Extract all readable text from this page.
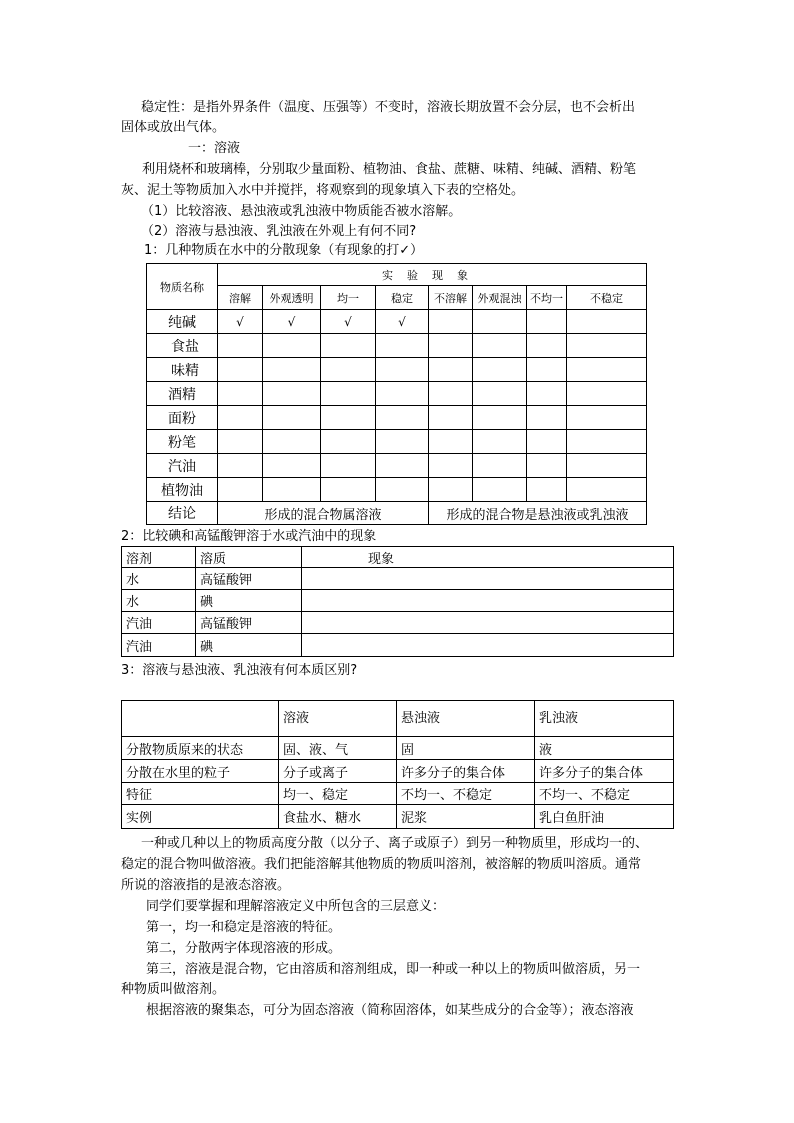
稳定性：是指外界条件（温度、压强等）不变时，溶液长期放置不会分层，也不会析出
固体或放出气体。
一：溶液
利用烧杯和玻璃棒，分别取少量面粉、植物油、食盐、蔗糖、味精、纯碱、酒精、粉笔
灰、泥土等物质加入水中并搅拌，将观察到的现象填入下表的空格处。
（1）比较溶液、悬浊液或乳浊液中物质能否被水溶解。
（2）溶液与悬浊液、乳浊液在外观上有何不同?
1：几种物质在水中的分散现象（有现象的打✓）
物质名称	实验现象							
	溶解	外观透明	均一	稳定	不溶解	外观混浊	不均一	不稳定
纯碱	√	√	√	√				
食盐								
味精								
酒精								
面粉								
粉笔								
汽油								
植物油								
结论	形成的混合物属溶液				形成的混合物是悬浊液或乳浊液			
2：比较碘和高锰酸钾溶于水或汽油中的现象
溶剂	溶质	现象
水	高锰酸钾	
水	碘	
汽油	高锰酸钾	
汽油	碘	
3：溶液与悬浊液、乳浊液有何本质区别?
	溶液	悬浊液	乳浊液
分散物质原来的状态	固、液、气	固	液
分散在水里的粒子	分子或离子	许多分子的集合体	许多分子的集合体
特征	均一、稳定	不均一、不稳定	不均一、不稳定
实例	食盐水、糖水	泥浆	乳白鱼肝油
一种或几种以上的物质高度分散（以分子、离子或原子）到另一种物质里，形成均一的、
稳定的混合物叫做溶液。我们把能溶解其他物质的物质叫溶剂，被溶解的物质叫溶质。通常
所说的溶液指的是液态溶液。
同学们要掌握和理解溶液定义中所包含的三层意义：
第一，均一和稳定是溶液的特征。
第二，分散两字体现溶液的形成。
第三，溶液是混合物，它由溶质和溶剂组成，即一种或一种以上的物质叫做溶质，另一
种物质叫做溶剂。
根据溶液的聚集态，可分为固态溶液（简称固溶体，如某些成分的合金等）；液态溶液
